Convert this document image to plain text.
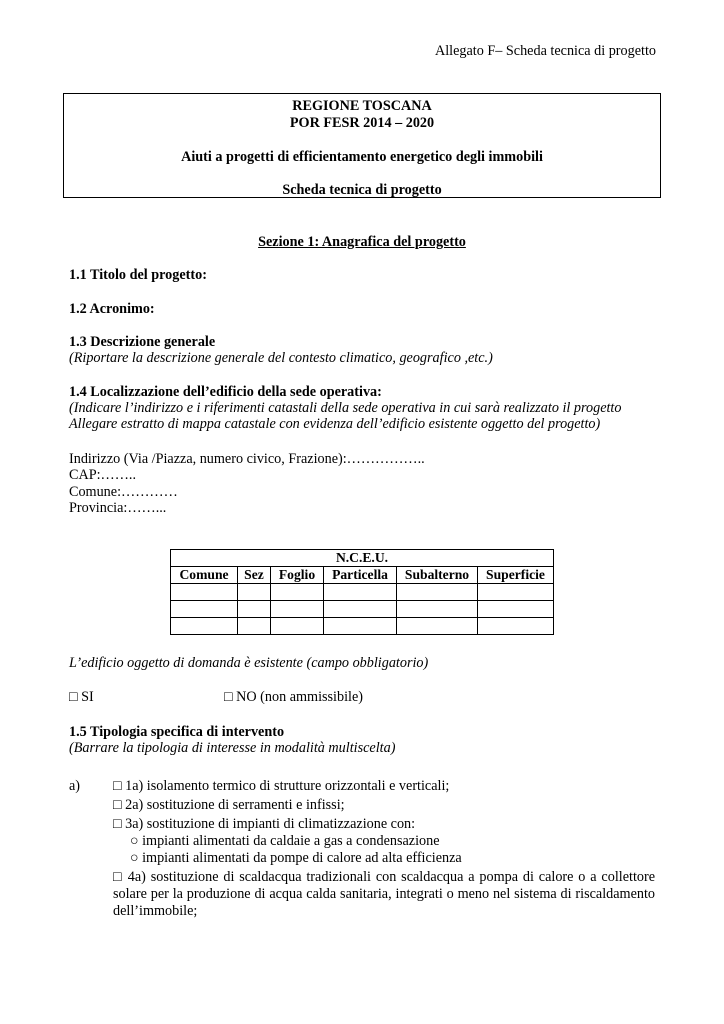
Allegato F– Scheda tecnica di progetto
REGIONE TOSCANA
POR FESR 2014 – 2020
Aiuti a progetti di efficientamento energetico degli immobili
Scheda tecnica di progetto
Sezione 1: Anagrafica del progetto
1.1 Titolo del progetto:
1.2 Acronimo:
1.3 Descrizione generale
(Riportare la descrizione generale del contesto climatico, geografico ,etc.)
1.4 Localizzazione dell’edificio della sede operativa:
(Indicare l’indirizzo e i riferimenti catastali della sede operativa in cui sarà realizzato il progetto
Allegare estratto di mappa catastale con evidenza dell’edificio esistente oggetto del progetto)
Indirizzo (Via /Piazza, numero civico, Frazione):……………..
CAP:……..
Comune:…………
Provincia:……...
N.C.E.U.					
Comune	Sez	Foglio	Particella	Subalterno	Superficie

L’edificio oggetto di domanda è esistente (campo obbligatorio)
□ SI	□ NO (non ammissibile)
1.5 Tipologia specifica di intervento
(Barrare la tipologia di interesse in modalità multiscelta)
a) □ 1a) isolamento termico di strutture orizzontali e verticali;
□ 2a) sostituzione di serramenti e infissi;
□ 3a) sostituzione di impianti di climatizzazione con:
○ impianti alimentati da caldaie a gas a condensazione
○ impianti alimentati da pompe di calore ad alta efficienza
□ 4a) sostituzione di scaldacqua tradizionali con scaldacqua a pompa di calore o a collettore solare per la produzione di acqua calda sanitaria, integrati o meno nel sistema di riscaldamento dell’immobile;
